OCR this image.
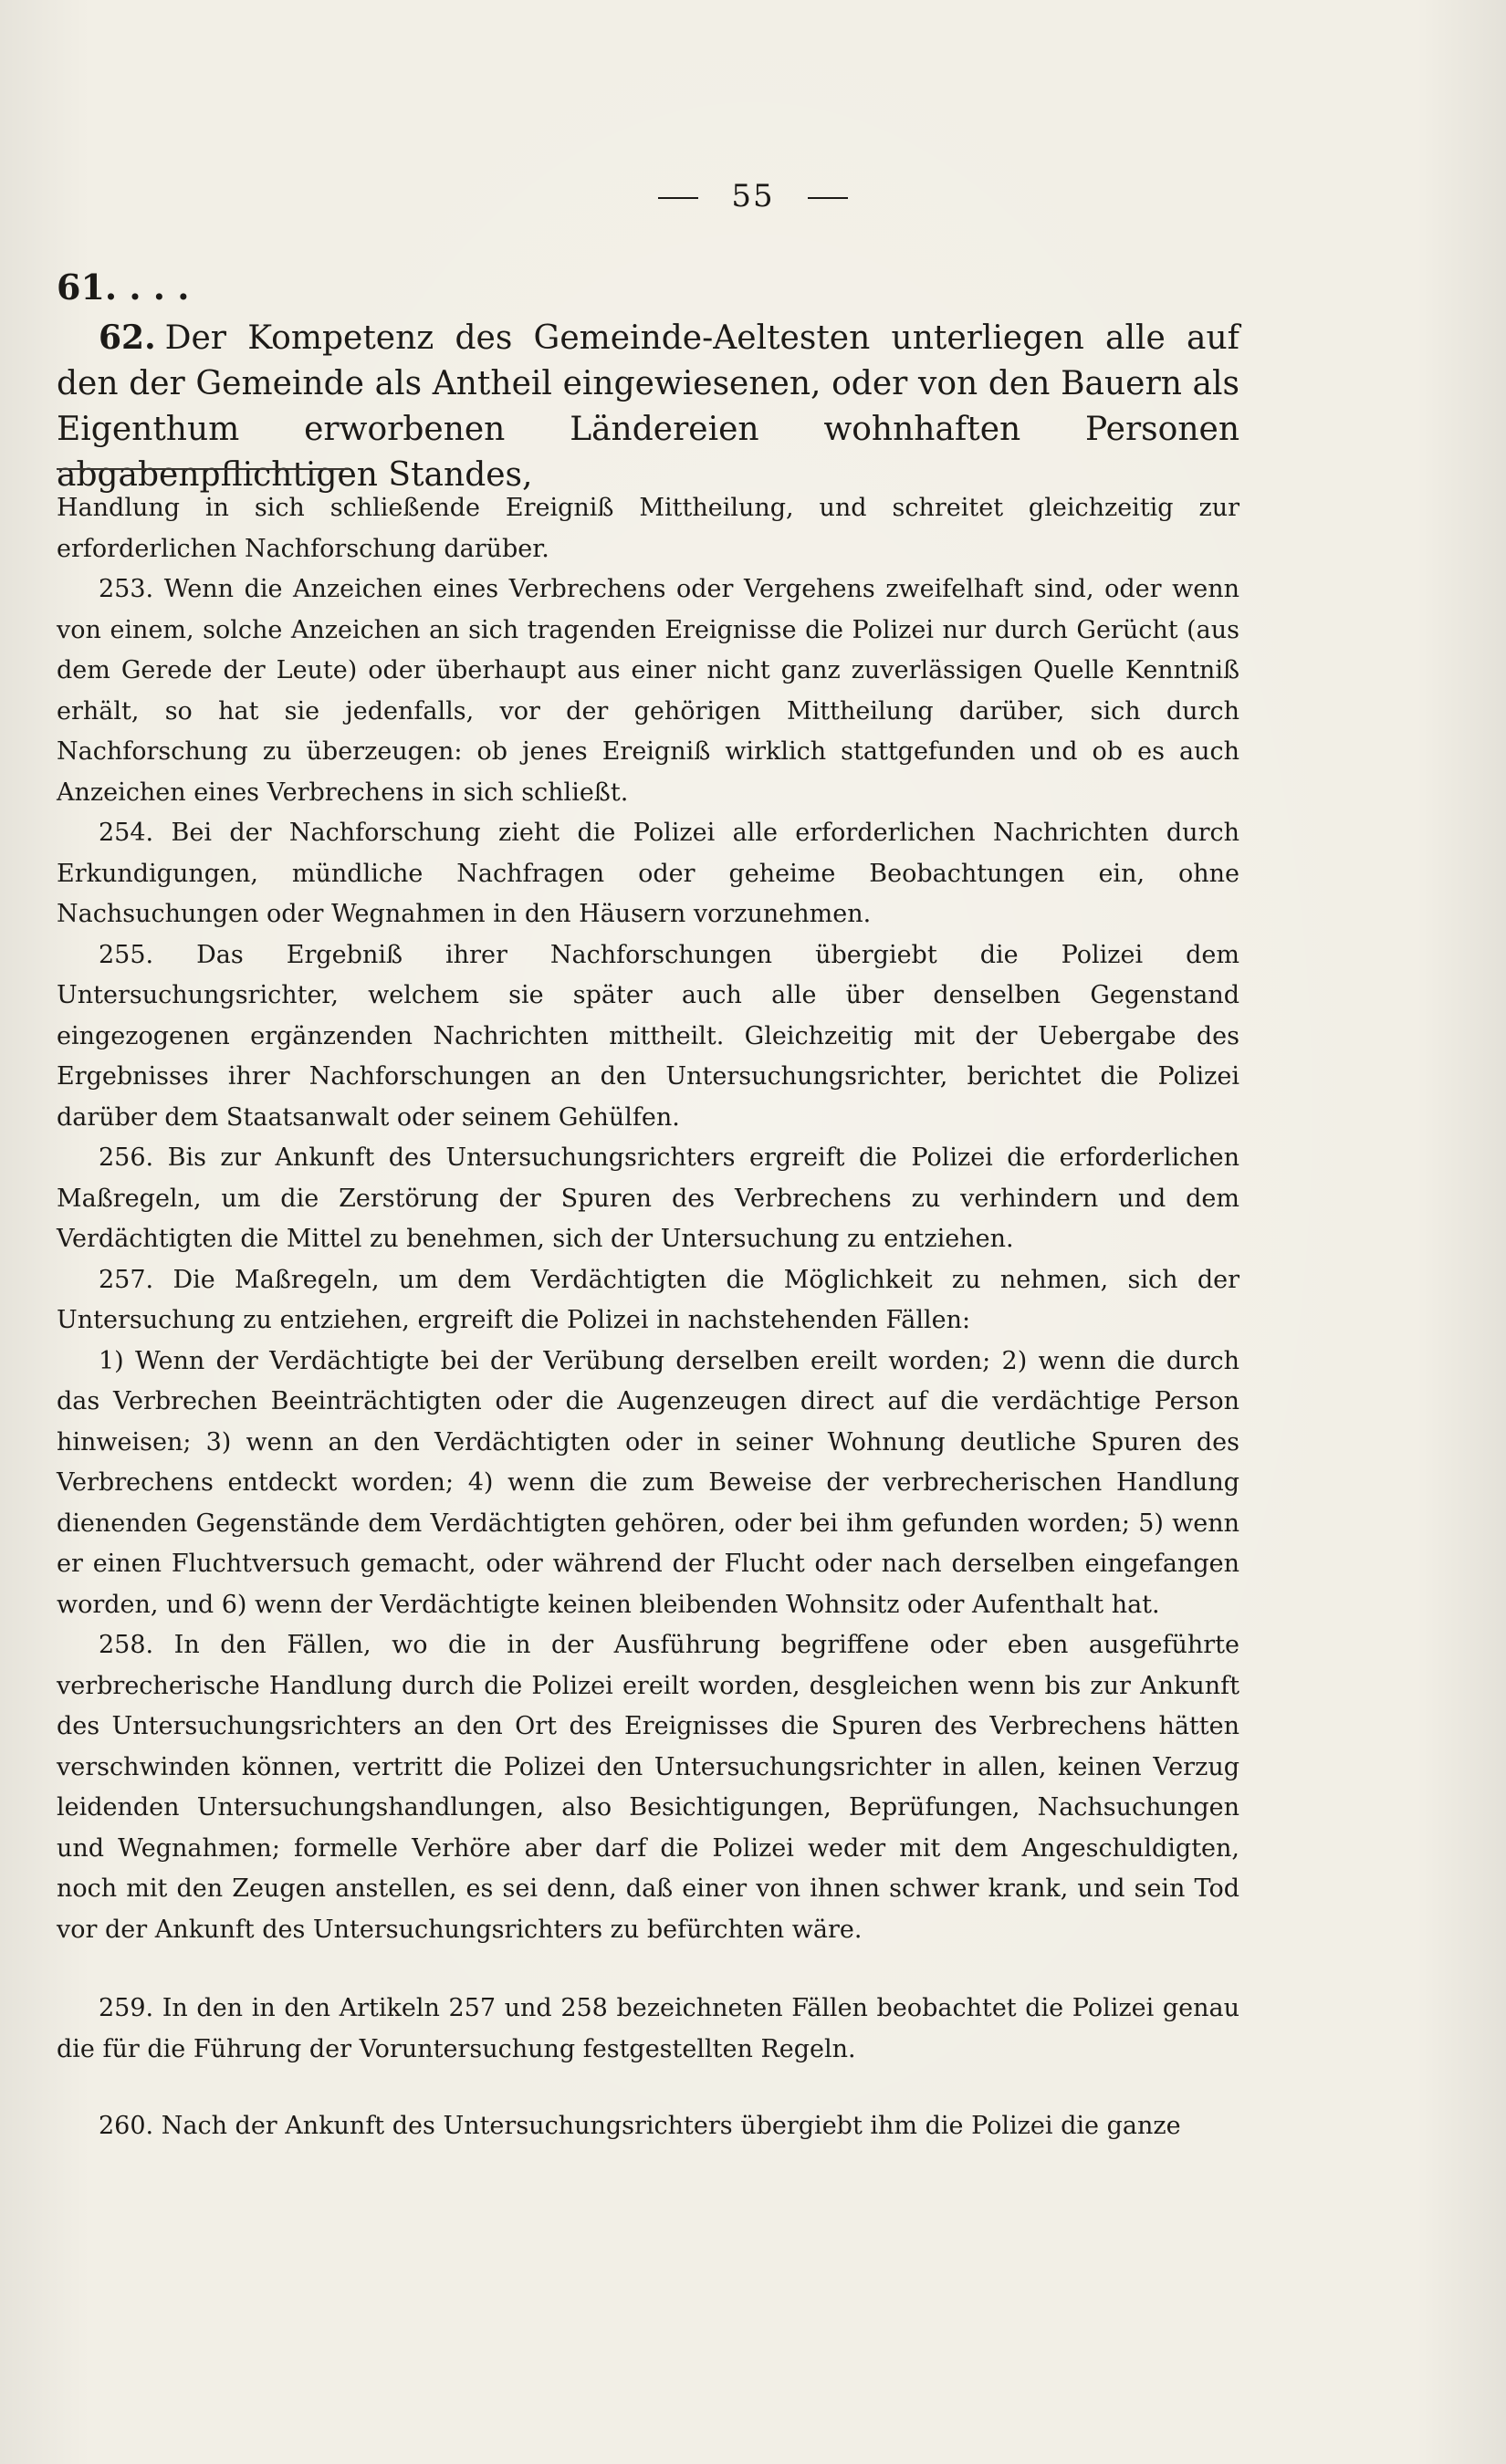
55
61. . . .
62. Der Kompetenz des Gemeinde-Aeltesten unterliegen alle auf den der Gemeinde als Antheil eingewiesenen, oder von den Bauern als Eigenthum erworbenen Ländereien wohnhaften Personen abgabenpflichtigen Standes,

Handlung in sich schließende Ereigniß Mittheilung, und schreitet gleichzeitig zur erforderlichen Nachforschung darüber.

253. Wenn die Anzeichen eines Verbrechens oder Vergehens zweifelhaft sind, oder wenn von einem, solche Anzeichen an sich tragenden Ereignisse die Polizei nur durch Gerücht (aus dem Gerede der Leute) oder überhaupt aus einer nicht ganz zuverlässigen Quelle Kenntniß erhält, so hat sie jedenfalls, vor der gehörigen Mittheilung darüber, sich durch Nachforschung zu überzeugen: ob jenes Ereigniß wirklich stattgefunden und ob es auch Anzeichen eines Verbrechens in sich schließt.

254. Bei der Nachforschung zieht die Polizei alle erforderlichen Nachrichten durch Erkundigungen, mündliche Nachfragen oder geheime Beobachtungen ein, ohne Nachsuchungen oder Wegnahmen in den Häusern vorzunehmen.

255. Das Ergebniß ihrer Nachforschungen übergiebt die Polizei dem Untersuchungsrichter, welchem sie später auch alle über denselben Gegenstand eingezogenen ergänzenden Nachrichten mittheilt. Gleichzeitig mit der Uebergabe des Ergebnisses ihrer Nachforschungen an den Untersuchungsrichter, berichtet die Polizei darüber dem Staatsanwalt oder seinem Gehülfen.

256. Bis zur Ankunft des Untersuchungsrichters ergreift die Polizei die erforderlichen Maßregeln, um die Zerstörung der Spuren des Verbrechens zu verhindern und dem Verdächtigten die Mittel zu benehmen, sich der Untersuchung zu entziehen.

257. Die Maßregeln, um dem Verdächtigten die Möglichkeit zu nehmen, sich der Untersuchung zu entziehen, ergreift die Polizei in nachstehenden Fällen:

1) Wenn der Verdächtigte bei der Verübung derselben ereilt worden; 2) wenn die durch das Verbrechen Beeinträchtigten oder die Augenzeugen direct auf die verdächtige Person hinweisen; 3) wenn an den Verdächtigten oder in seiner Wohnung deutliche Spuren des Verbrechens entdeckt worden; 4) wenn die zum Beweise der verbrecherischen Handlung dienenden Gegenstände dem Verdächtigten gehören, oder bei ihm gefunden worden; 5) wenn er einen Fluchtversuch gemacht, oder während der Flucht oder nach derselben eingefangen worden, und 6) wenn der Verdächtigte keinen bleibenden Wohnsitz oder Aufenthalt hat.

258. In den Fällen, wo die in der Ausführung begriffene oder eben ausgeführte verbrecherische Handlung durch die Polizei ereilt worden, desgleichen wenn bis zur Ankunft des Untersuchungsrichters an den Ort des Ereignisses die Spuren des Verbrechens hätten verschwinden können, vertritt die Polizei den Untersuchungsrichter in allen, keinen Verzug leidenden Untersuchungshandlungen, also Besichtigungen, Beprüfungen, Nachsuchungen und Wegnahmen; formelle Verhöre aber darf die Polizei weder mit dem Angeschuldigten, noch mit den Zeugen anstellen, es sei denn, daß einer von ihnen schwer krank, und sein Tod vor der Ankunft des Untersuchungsrichters zu befürchten wäre.

259. In den in den Artikeln 257 und 258 bezeichneten Fällen beobachtet die Polizei genau die für die Führung der Voruntersuchung festgestellten Regeln.

260. Nach der Ankunft des Untersuchungsrichters übergiebt ihm die Polizei die ganze
